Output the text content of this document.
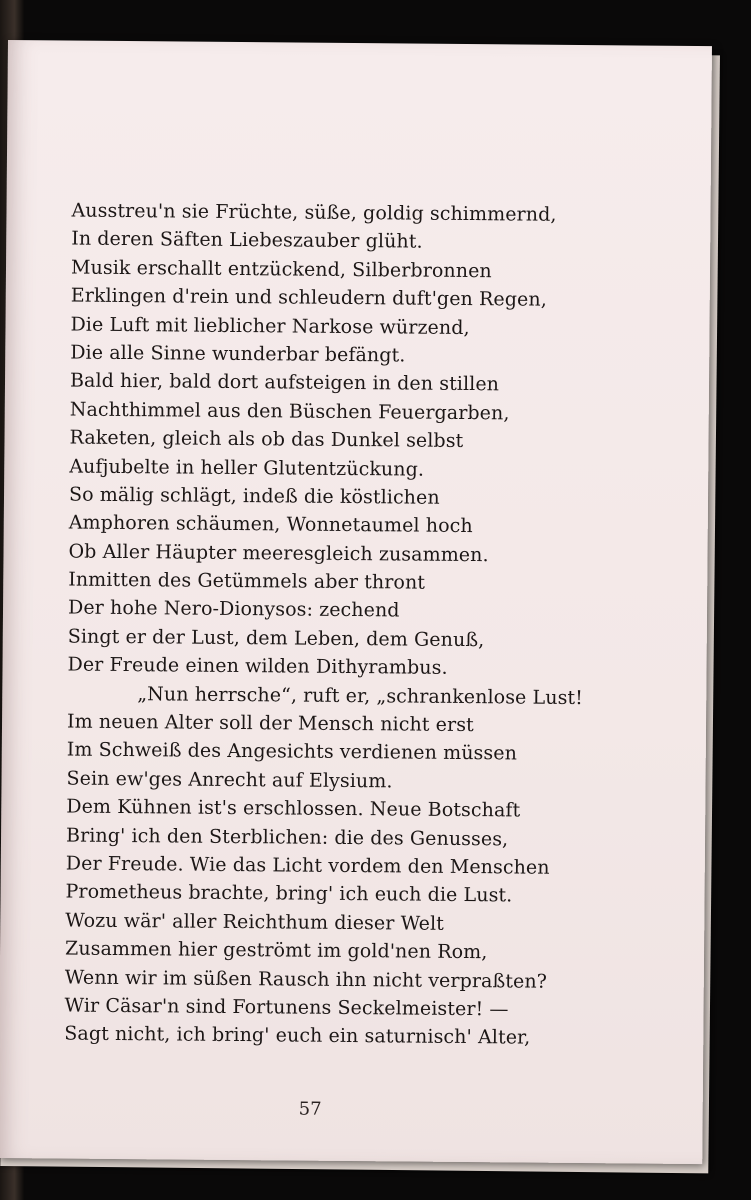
Ausstreu'n sie Früchte, süße, goldig schimmernd,
In deren Säften Liebeszauber glüht.
Musik erschallt entzückend, Silberbronnen
Erklingen d'rein und schleudern duft'gen Regen,
Die Luft mit lieblicher Narkose würzend,
Die alle Sinne wunderbar befängt.
Bald hier, bald dort aufsteigen in den stillen
Nachthimmel aus den Büschen Feuergarben,
Raketen, gleich als ob das Dunkel selbst
Aufjubelte in heller Glutentzückung.
So mälig schlägt, indeß die köstlichen
Amphoren schäumen, Wonnetaumel hoch
Ob Aller Häupter meeresgleich zusammen.
Inmitten des Getümmels aber thront
Der hohe Nero-Dionysos: zechend
Singt er der Lust, dem Leben, dem Genuß,
Der Freude einen wilden Dithyrambus.
„Nun herrsche“, ruft er, „schrankenlose Lust!
Im neuen Alter soll der Mensch nicht erst
Im Schweiß des Angesichts verdienen müssen
Sein ew'ges Anrecht auf Elysium.
Dem Kühnen ist's erschlossen. Neue Botschaft
Bring' ich den Sterblichen: die des Genusses,
Der Freude. Wie das Licht vordem den Menschen
Prometheus brachte, bring' ich euch die Lust.
Wozu wär' aller Reichthum dieser Welt
Zusammen hier geströmt im gold'nen Rom,
Wenn wir im süßen Rausch ihn nicht verpraßten?
Wir Cäsar'n sind Fortunens Seckelmeister! —
Sagt nicht, ich bring' euch ein saturnisch' Alter,
57
